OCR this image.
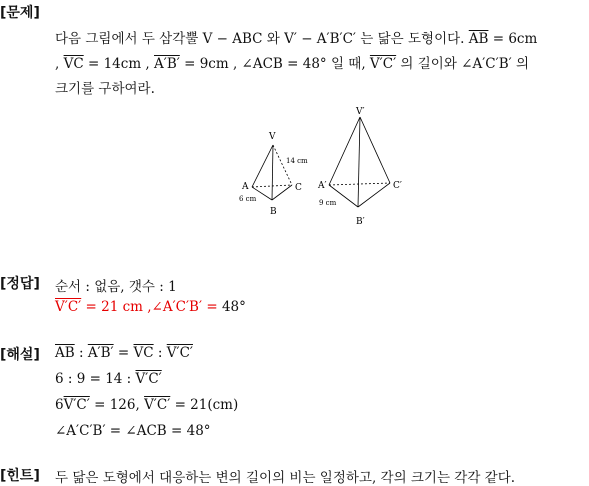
[문제]
다음 그림에서 두 삼각뿔 V − ABC 와 V′ − A′B′C′ 는 닮은 도형이다. $\overline{AB} = 6cm$
, $\overline{VC} = 14cm$ , A′B′ = 9cm , ∠ACB = 48° 일 때, V′C′ 의 길이와 ∠A′C′B′ 의
크기를 구하여라.
V
A
B
C
14 cm
6 cm
V′
A′
B′
C′
9 cm
[정답] 순서 : 없음, 갯수 : 1
V′C′ = 21 cm ,∠A′C′B′ = 48°
[해설] $\overline{AB}$ : $A'B' = \overline{VC}$ : V′C′
6 : 9 = 14 : V′C′
6V′C′ = 126, V′C′ = 21(cm)
∠A′C′B′ = ∠ACB = 48°
[힌트] 두 닮은 도형에서 대응하는 변의 길이의 비는 일정하고, 각의 크기는 각각 같다.
